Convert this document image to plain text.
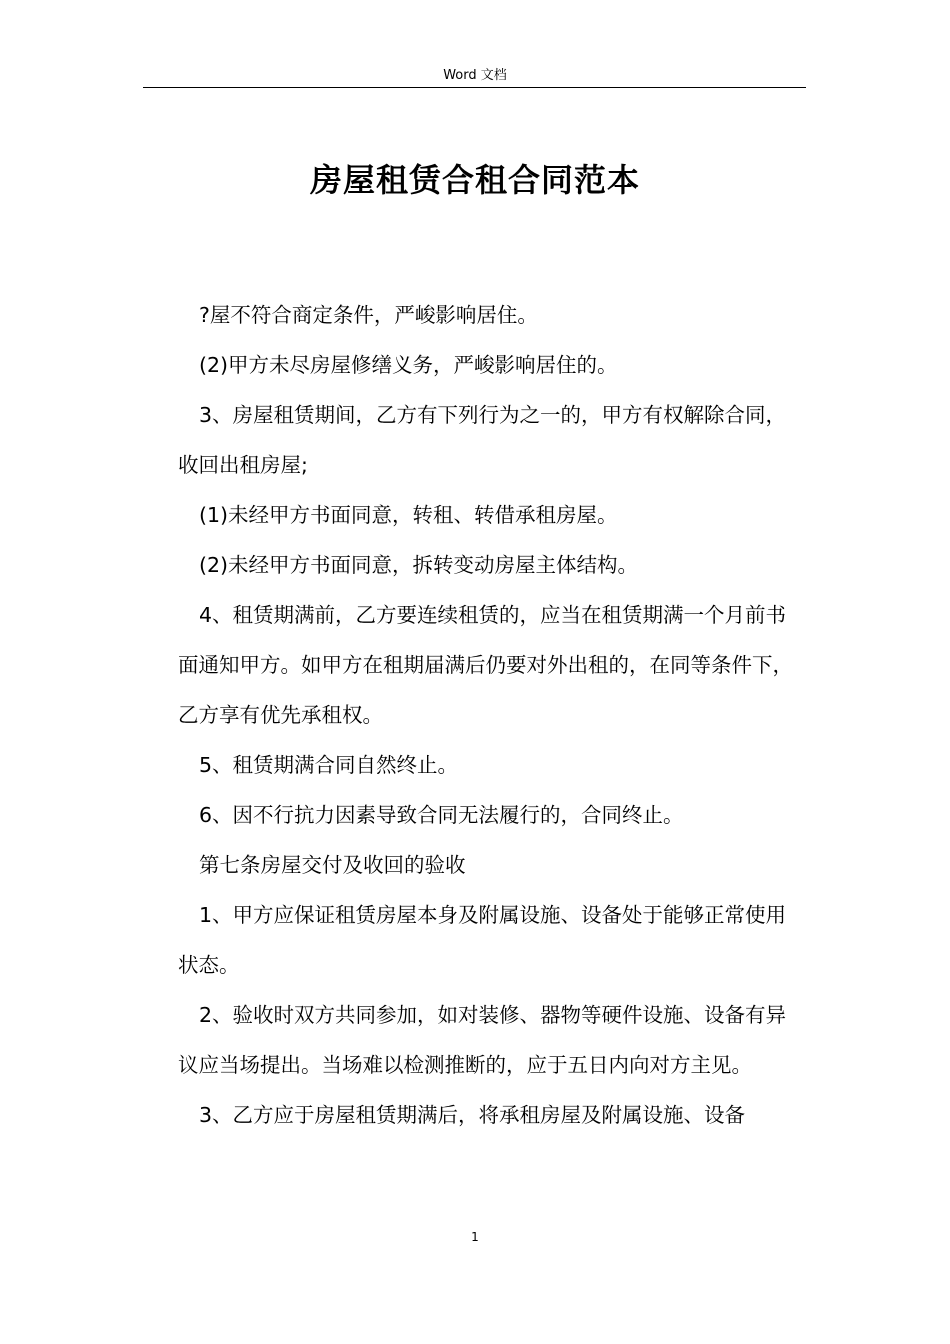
Word 文档
房屋租赁合租合同范本

?屋不符合商定条件，严峻影响居住。

(2)甲方未尽房屋修缮义务，严峻影响居住的。

3、房屋租赁期间，乙方有下列行为之一的，甲方有权解除合同，收回出租房屋;

(1)未经甲方书面同意，转租、转借承租房屋。

(2)未经甲方书面同意，拆转变动房屋主体结构。

4、租赁期满前，乙方要连续租赁的，应当在租赁期满一个月前书面通知甲方。如甲方在租期届满后仍要对外出租的，在同等条件下，乙方享有优先承租权。

5、租赁期满合同自然终止。

6、因不行抗力因素导致合同无法履行的，合同终止。

第七条房屋交付及收回的验收

1、甲方应保证租赁房屋本身及附属设施、设备处于能够正常使用状态。

2、验收时双方共同参加，如对装修、器物等硬件设施、设备有异议应当场提出。当场难以检测推断的，应于五日内向对方主见。

3、乙方应于房屋租赁期满后，将承租房屋及附属设施、设备

1
